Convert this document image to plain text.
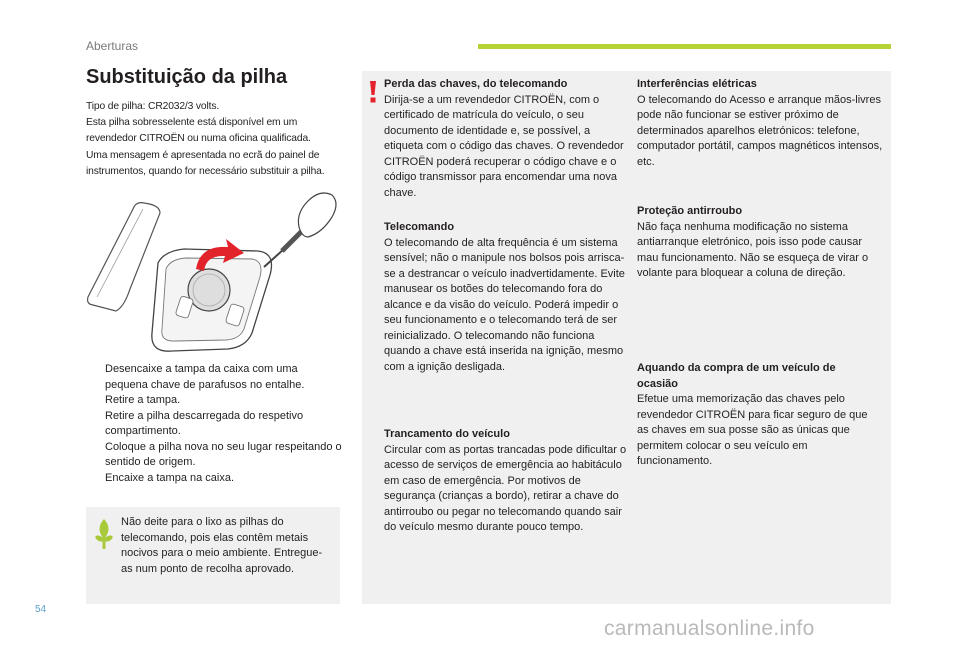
Aberturas
Substituição da pilha
Tipo de pilha: CR2032/3 volts.
Esta pilha sobresselente está disponível em um
revendedor CITROËN ou numa oficina qualificada.
Uma mensagem é apresentada no ecrã do painel de
instrumentos, quando for necessário substituir a pilha.
Desencaixe a tampa da caixa com uma pequena chave de parafusos no entalhe.
Retire a tampa.
Retire a pilha descarregada do respetivo compartimento.
Coloque a pilha nova no seu lugar respeitando o sentido de origem.
Encaixe a tampa na caixa.
Não deite para o lixo as pilhas do telecomando, pois elas contêm metais nocivos para o meio ambiente. Entregue-as num ponto de recolha aprovado.
Perda das chaves, do telecomando
Dirija-se a um revendedor CITROËN, com o certificado de matrícula do veículo, o seu documento de identidade e, se possível, a etiqueta com o código das chaves. O revendedor CITROËN poderá recuperar o código chave e o código transmissor para encomendar uma nova chave.
Telecomando
O telecomando de alta frequência é um sistema sensível; não o manipule nos bolsos pois arrisca-se a destrancar o veículo inadvertidamente. Evite manusear os botões do telecomando fora do alcance e da visão do veículo. Poderá impedir o seu funcionamento e o telecomando terá de ser reinicializado. O telecomando não funciona quando a chave está inserida na ignição, mesmo com a ignição desligada.
Trancamento do veículo
Circular com as portas trancadas pode dificultar o acesso de serviços de emergência ao habitáculo em caso de emergência. Por motivos de segurança (crianças a bordo), retirar a chave do antirroubo ou pegar no telecomando quando sair do veículo mesmo durante pouco tempo.
Interferências elétricas
O telecomando do Acesso e arranque mãos-livres pode não funcionar se estiver próximo de determinados aparelhos eletrónicos: telefone, computador portátil, campos magnéticos intensos, etc.
Proteção antirroubo
Não faça nenhuma modificação no sistema antiarranque eletrónico, pois isso pode causar mau funcionamento. Não se esqueça de virar o volante para bloquear a coluna de direção.
Aquando da compra de um veículo de ocasião
Efetue uma memorização das chaves pelo revendedor CITROËN para ficar seguro de que as chaves em sua posse são as únicas que permitem colocar o seu veículo em funcionamento.
54
carmanualsonline.info
